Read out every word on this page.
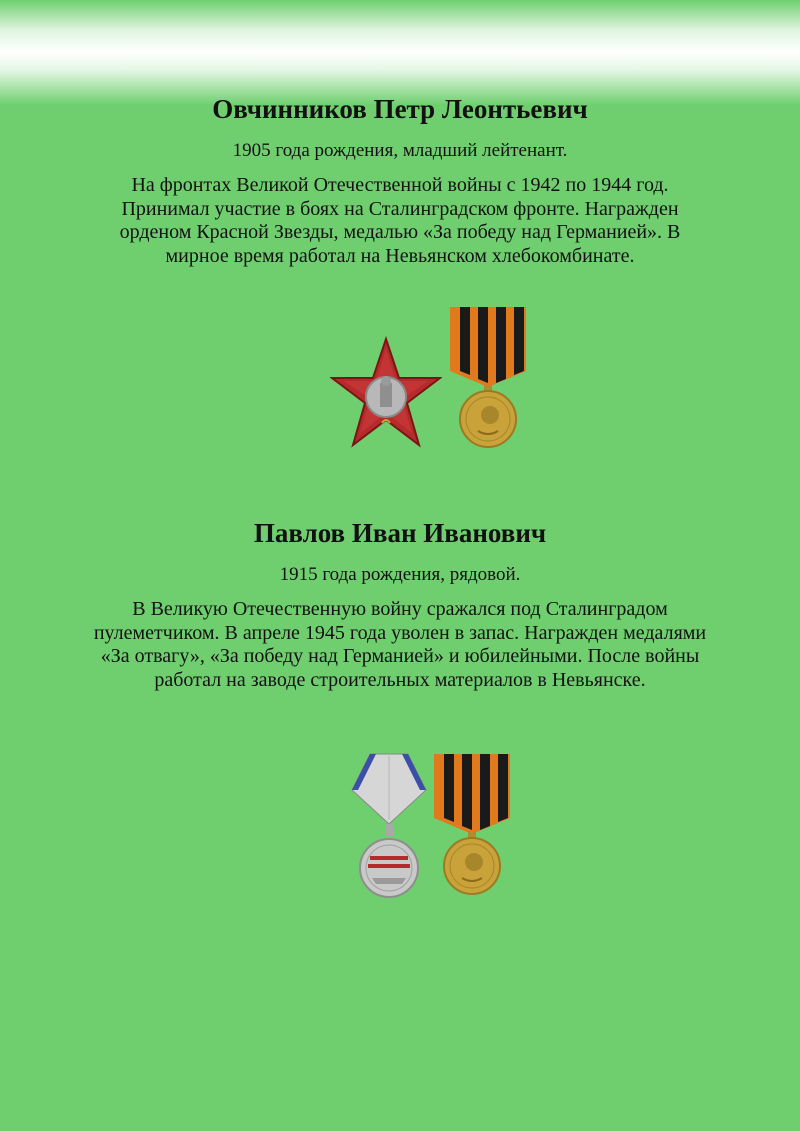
Овчинников Петр Леонтьевич

1905 года рождения, младший лейтенант.

На фронтах Великой Отечественной войны с 1942 по 1944 год. Принимал участие в боях на Сталинградском фронте. Награжден орденом Красной Звезды, медалью «За победу над Германией». В мирное время работал на Невьянском хлебокомбинате.

Павлов Иван Иванович

1915 года рождения, рядовой.

В Великую Отечественную войну сражался под Сталинградом пулеметчиком. В апреле 1945 года уволен в запас. Награжден медалями «За отвагу», «За победу над Германией» и юбилейными. После войны работал на заводе строительных материалов в Невьянске.
